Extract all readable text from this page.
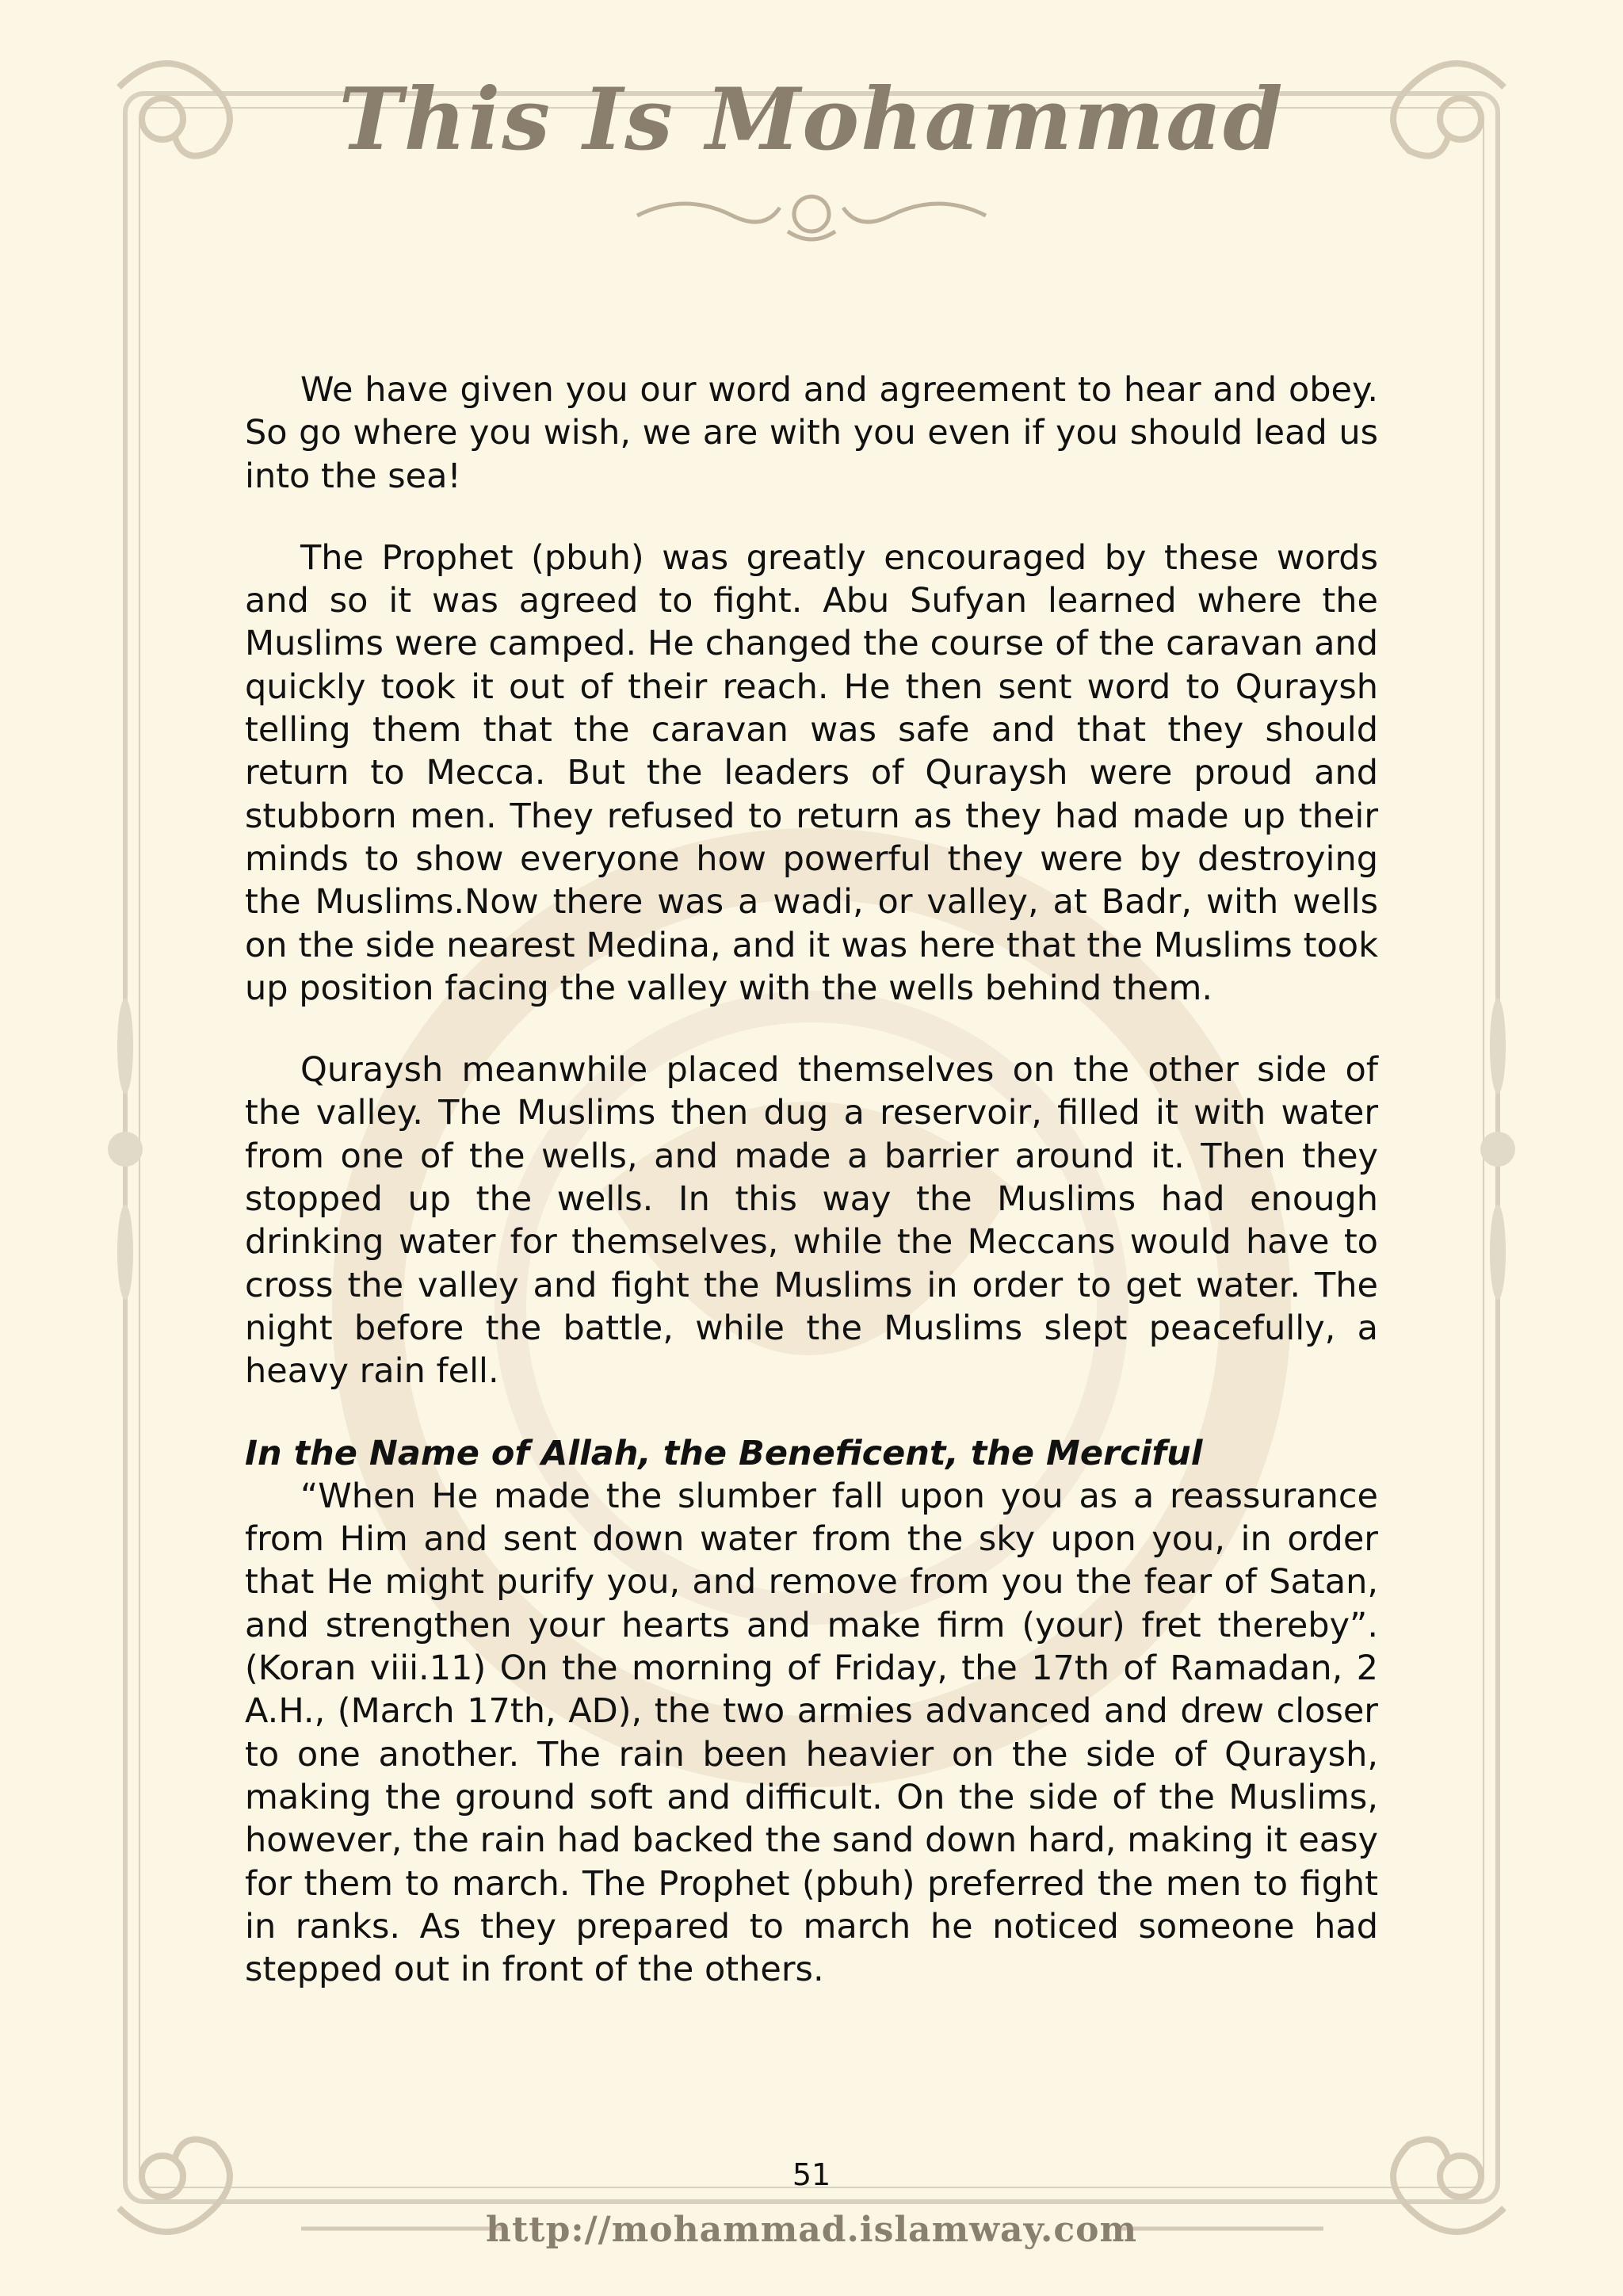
This Is Mohammad

We have given you our word and agreement to hear and obey. So go where you wish, we are with you even if you should lead us into the sea!

The Prophet (pbuh) was greatly encouraged by these words and so it was agreed to fight. Abu Sufyan learned where the Muslims were camped. He changed the course of the caravan and quickly took it out of their reach. He then sent word to Quraysh telling them that the caravan was safe and that they should return to Mecca. But the leaders of Quraysh were proud and stubborn men. They refused to return as they had made up their minds to show everyone how powerful they were by destroying the Muslims.Now there was a wadi, or valley, at Badr, with wells on the side nearest Medina, and it was here that the Muslims took up position facing the valley with the wells behind them.

Quraysh meanwhile placed themselves on the other side of the valley. The Muslims then dug a reservoir, filled it with water from one of the wells, and made a barrier around it. Then they stopped up the wells. In this way the Muslims had enough drinking water for themselves, while the Meccans would have to cross the valley and fight the Muslims in order to get water. The night before the battle, while the Muslims slept peacefully, a heavy rain fell.

In the Name of Allah, the Beneficent, the Merciful

“When He made the slumber fall upon you as a reassurance from Him and sent down water from the sky upon you, in order that He might purify you, and remove from you the fear of Satan, and strengthen your hearts and make firm (your) fret thereby”. (Koran viii.11) On the morning of Friday, the 17th of Ramadan, 2 A.H., (March 17th, AD), the two armies advanced and drew closer to one another. The rain been heavier on the side of Quraysh, making the ground soft and difficult. On the side of the Muslims, however, the rain had backed the sand down hard, making it easy for them to march. The Prophet (pbuh) preferred the men to fight in ranks. As they prepared to march he noticed someone had stepped out in front of the others.

51
http://mohammad.islamway.com
